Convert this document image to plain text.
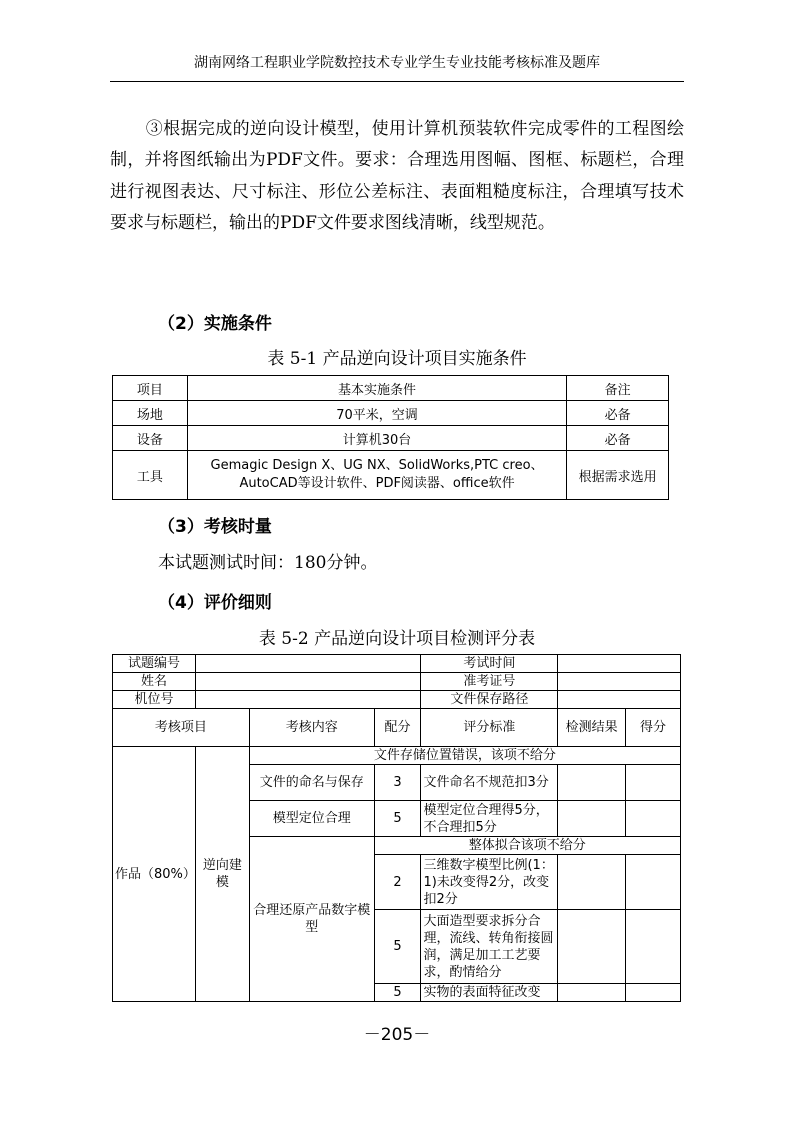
湖南网络工程职业学院数控技术专业学生专业技能考核标准及题库
③根据完成的逆向设计模型，使用计算机预装软件完成零件的工程图绘制，并将图纸输出为PDF文件。要求：合理选用图幅、图框、标题栏，合理进行视图表达、尺寸标注、形位公差标注、表面粗糙度标注，合理填写技术要求与标题栏，输出的PDF文件要求图线清晰，线型规范。
（2）实施条件
表 5-1 产品逆向设计项目实施条件
项目	基本实施条件	备注
场地	70平米，空调	必备
设备	计算机30台	必备
工具	Gemagic Design X、UG NX、SolidWorks,PTC creo、AutoCAD等设计软件、PDF阅读器、office软件	根据需求选用
（3）考核时量
本试题测试时间：180分钟。
（4）评价细则
表 5-2 产品逆向设计项目检测评分表
试题编号				考试时间		
姓名				准考证号		
机位号				文件保存路径		
考核项目		考核内容	配分	评分标准	检测结果	得分
作品（80%）	逆向建模	文件存储位置错误，该项不给分				
		文件的命名与保存	3	文件命名不规范扣3分		
		模型定位合理	5	模型定位合理得5分，不合理扣5分		
		合理还原产品数字模型	整体拟合该项不给分			
			2	三维数字模型比例(1：1)未改变得2分，改变扣2分		
			5	大面造型要求拆分合理，流线、转角衔接圆润，满足加工工艺要求，酌情给分		
			5	实物的表面特征改变		
－205－
